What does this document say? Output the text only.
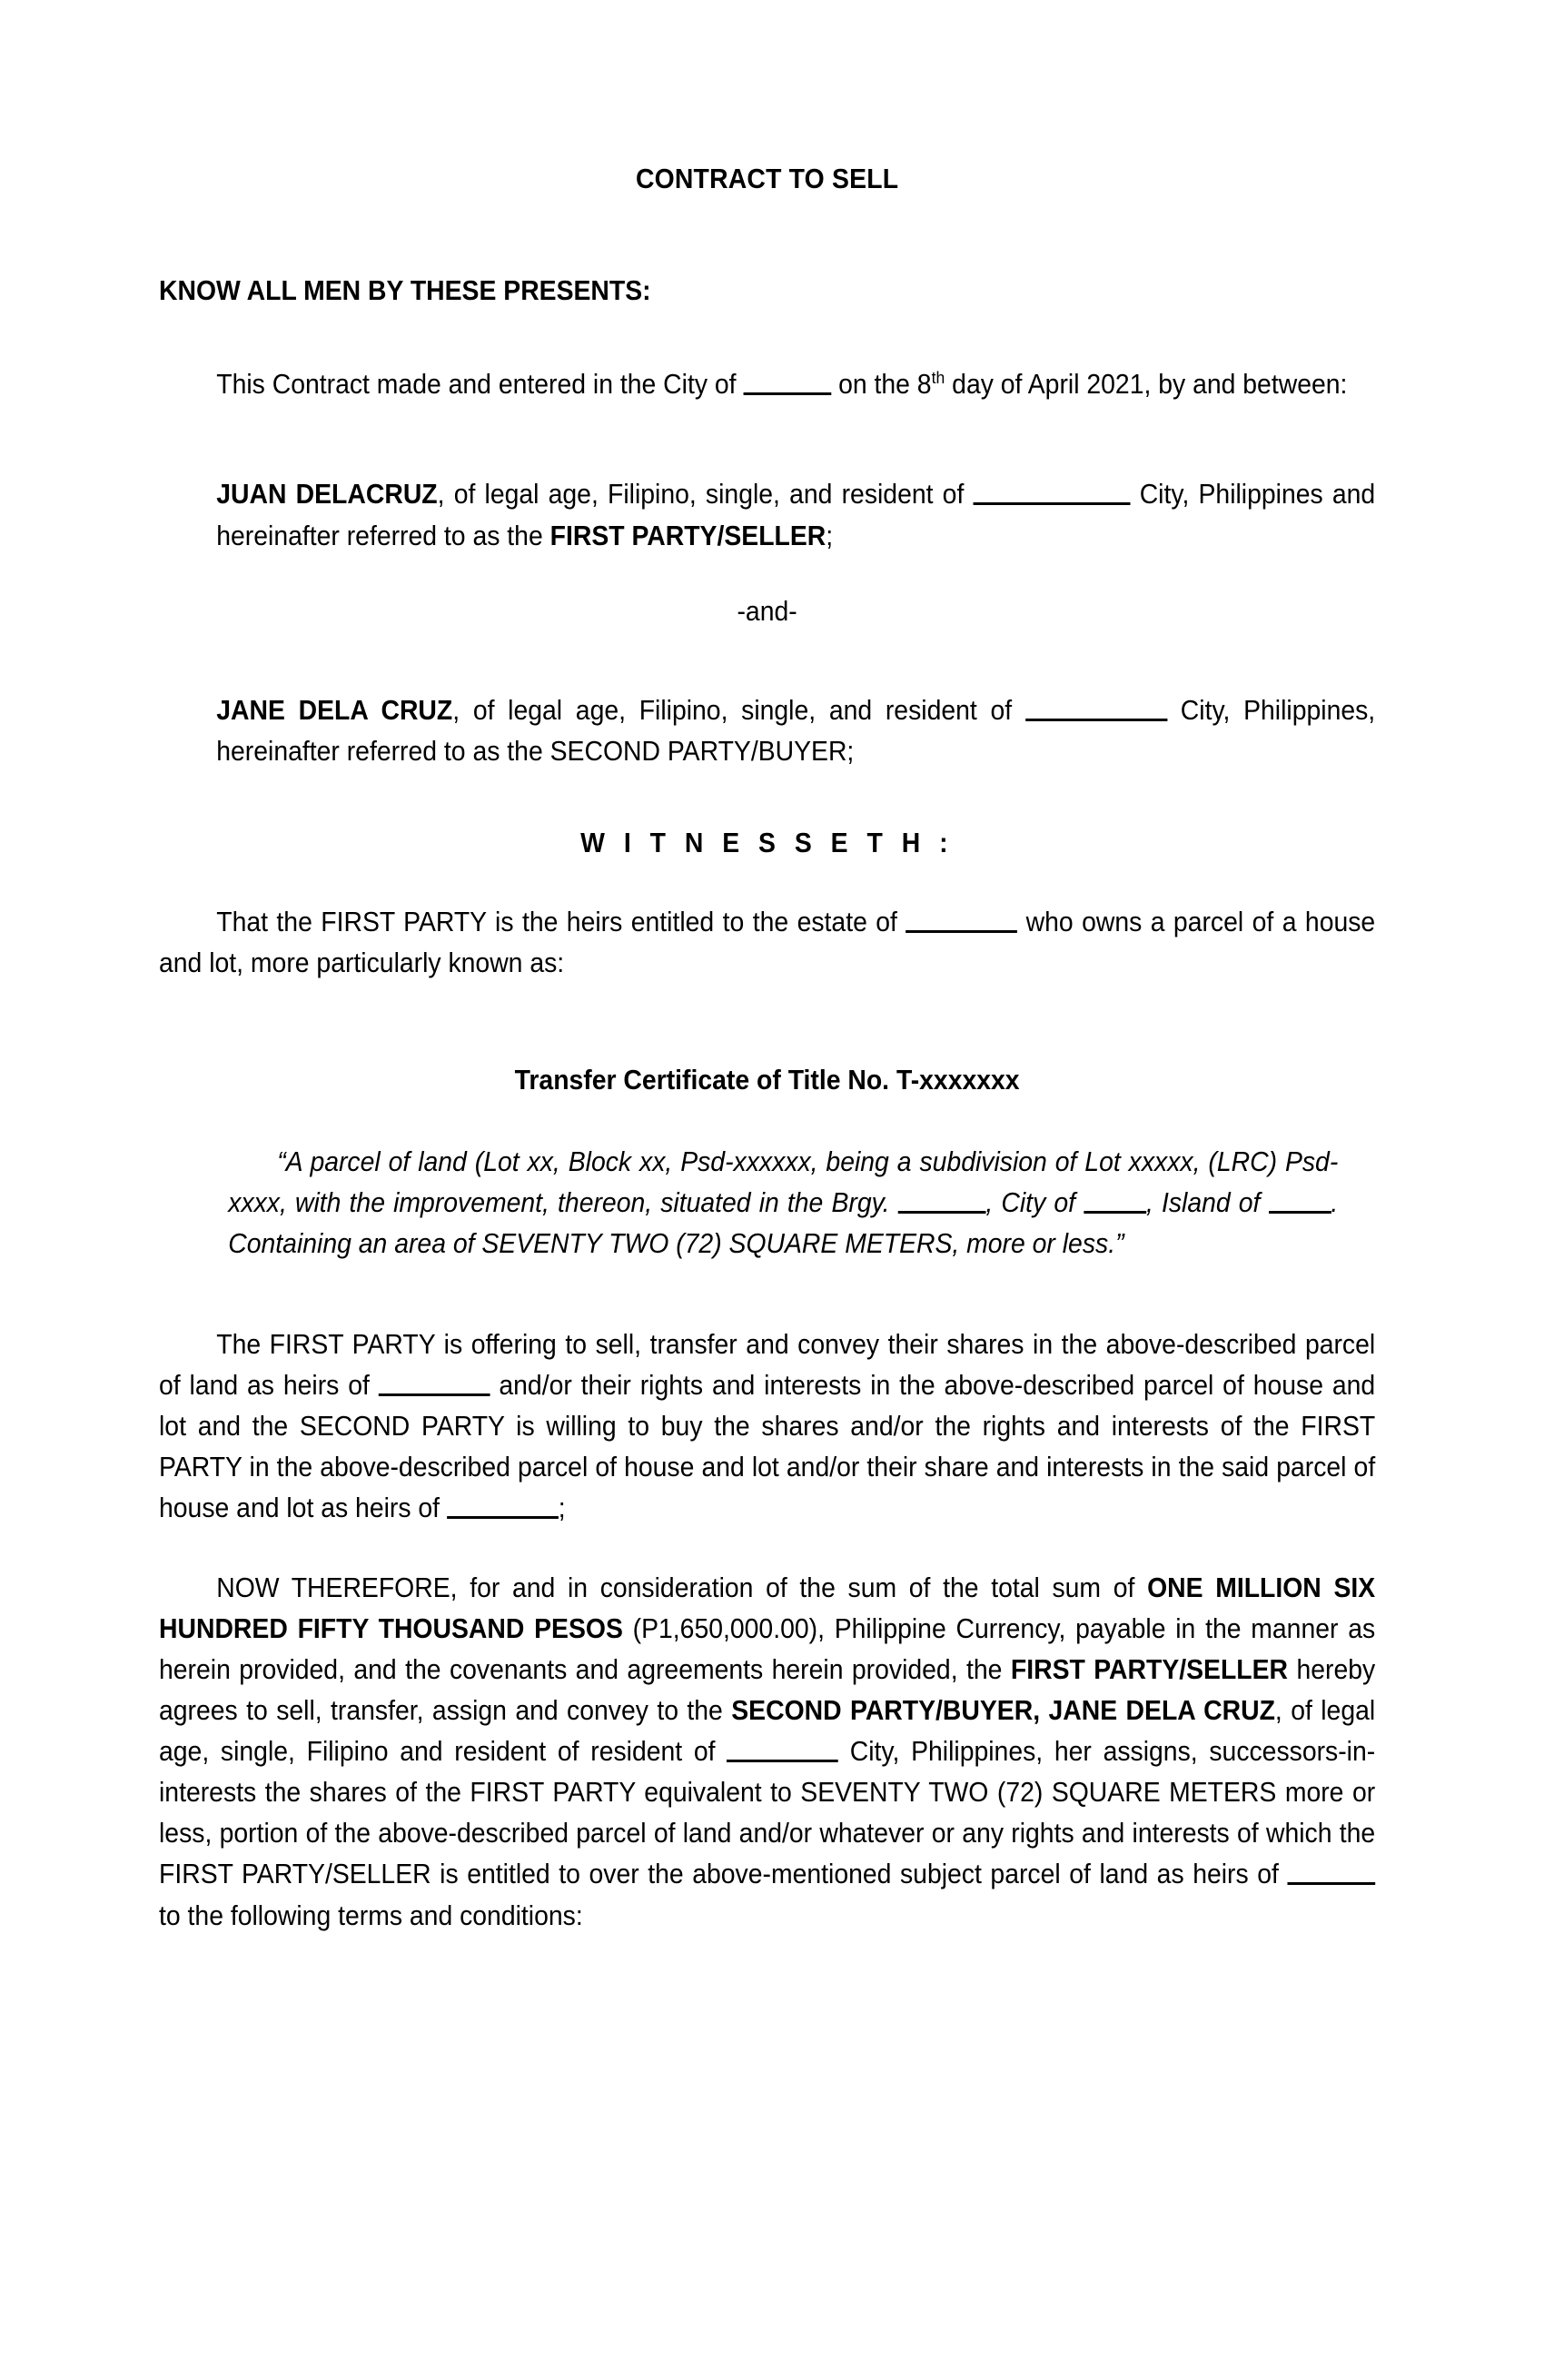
CONTRACT TO SELL
KNOW ALL MEN BY THESE PRESENTS:

This Contract made and entered in the City of	on the 8th day of April 2021, by and between:

JUAN DELACRUZ, of legal age, Filipino, single, and resident of	City, Philippines and hereinafter referred to as the FIRST PARTY/SELLER;

-and-

JANE DELA CRUZ, of legal age, Filipino, single, and resident of	City, Philippines, hereinafter referred to as the SECOND PARTY/BUYER;

W I T N E S S E T H :

That the FIRST PARTY is the heirs entitled to the estate of	who owns a parcel of a house and lot, more particularly known as:

Transfer Certificate of Title No. T-xxxxxxx

“A parcel of land (Lot xx, Block xx, Psd-xxxxxx, being a subdivision of Lot xxxxx, (LRC) Psd-xxxx, with the improvement, thereon, situated in the Brgy.	, City of	, Island of	. Containing an area of SEVENTY TWO (72) SQUARE METERS, more or less.”

The FIRST PARTY is offering to sell, transfer and convey their shares in the above-described parcel of land as heirs of	and/or their rights and interests in the above-described parcel of house and lot and the SECOND PARTY is willing to buy the shares and/or the rights and interests of the FIRST PARTY in the above-described parcel of house and lot and/or their share and interests in the said parcel of house and lot as heirs of	;

NOW THEREFORE, for and in consideration of the sum of the total sum of ONE MILLION SIX HUNDRED FIFTY THOUSAND PESOS (P1,650,000.00), Philippine Currency, payable in the manner as herein provided, and the covenants and agreements herein provided, the FIRST PARTY/SELLER hereby agrees to sell, transfer, assign and convey to the SECOND PARTY/BUYER, JANE DELA CRUZ, of legal age, single, Filipino and resident of resident of	City, Philippines, her assigns, successors-in-interests the shares of the FIRST PARTY equivalent to SEVENTY TWO (72) SQUARE METERS more or less, portion of the above-described parcel of land and/or whatever or any rights and interests of which the FIRST PARTY/SELLER is entitled to over the above-mentioned subject parcel of land as heirs of  to the following terms and conditions:
